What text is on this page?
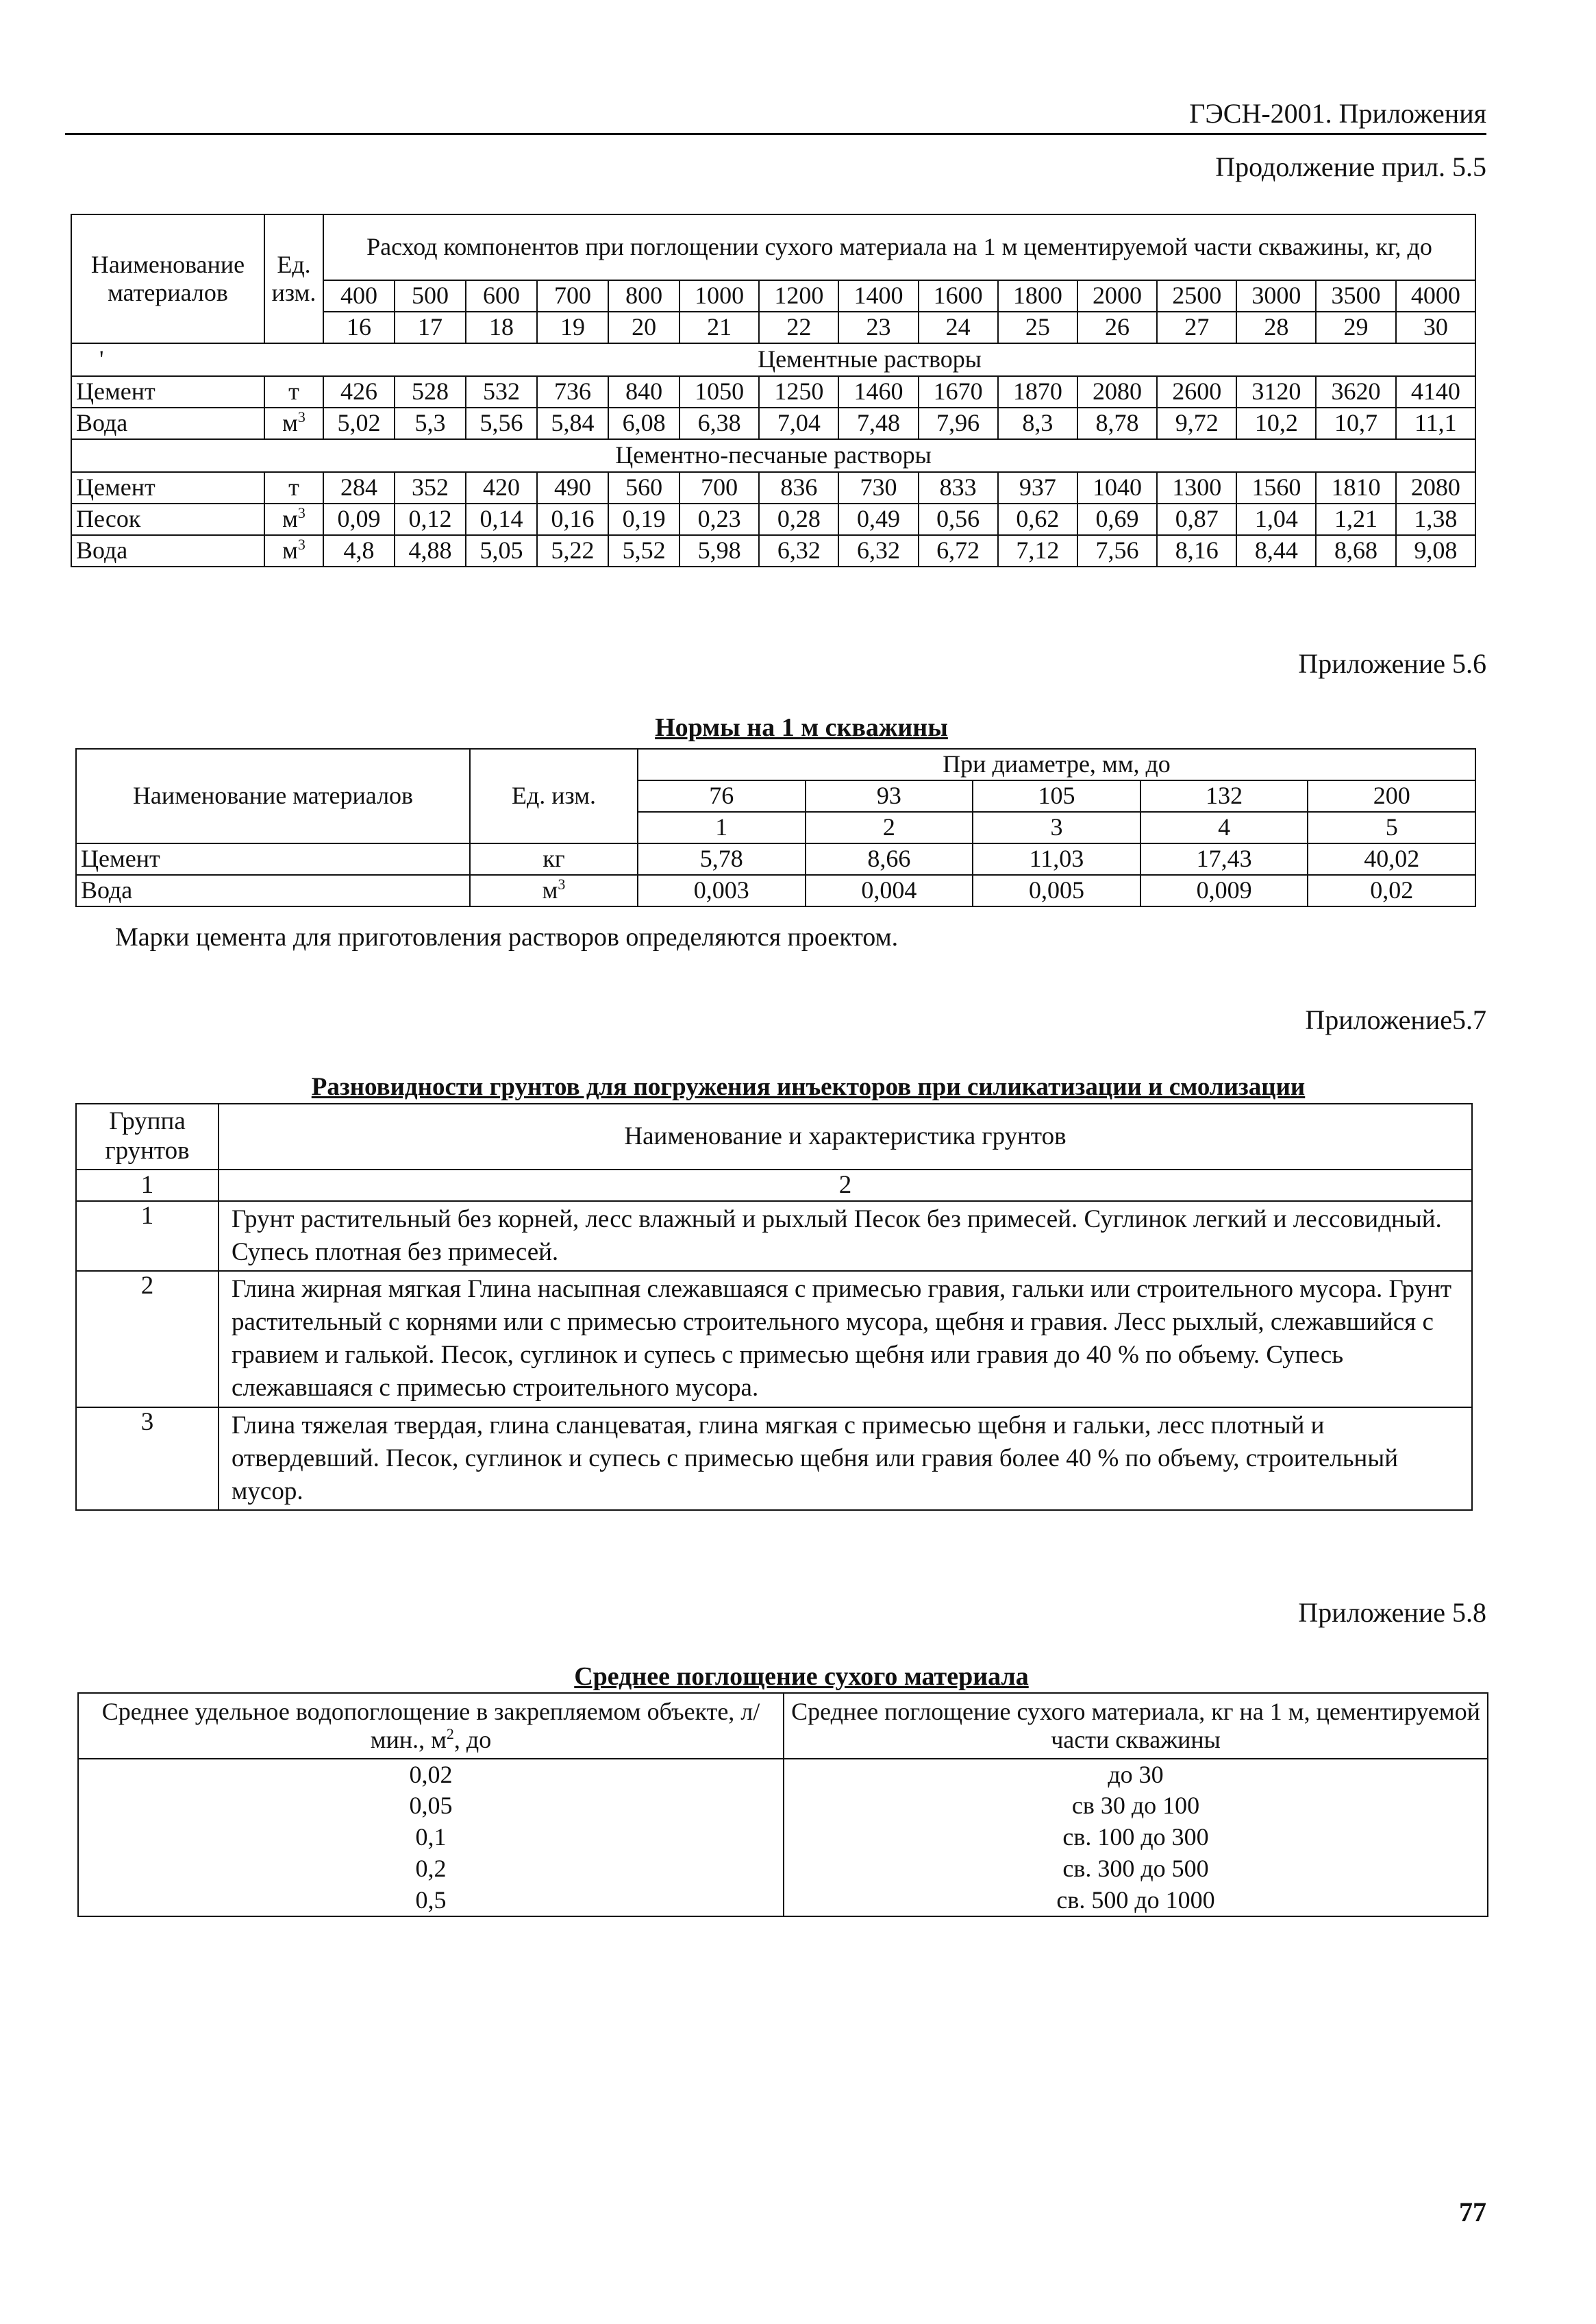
ГЭСН-2001. Приложения
Продолжение прил. 5.5
Наименование материалов	Ед. изм.	Расход компонентов при поглощении сухого материала на 1 м цементируемой части скважины, кг, до														
		400	500	600	700	800	1000	1200	1400	1600	1800	2000	2500	3000	3500	4000
		16	17	18	19	20	21	22	23	24	25	26	27	28	29	30
'	Цементные растворы															
Цемент	т	426	528	532	736	840	1050	1250	1460	1670	1870	2080	2600	3120	3620	4140
Вода	$м^3$	5,02	5,3	5,56	5,84	6,08	6,38	7,04	7,48	7,96	8,3	8,78	9,72	10,2	10,7	11,1
Цементно-песчаные растворы																
Цемент	т	284	352	420	490	560	700	836	730	833	937	1040	1300	1560	1810	2080
Песок	$м^3$	0,09	0,12	0,14	0,16	0,19	0,23	0,28	0,49	0,56	0,62	0,69	0,87	1,04	1,21	1,38
Вода	$м^3$	4,8	4,88	5,05	5,22	5,52	5,98	6,32	6,32	6,72	7,12	7,56	8,16	8,44	8,68	9,08
Приложение 5.6
Нормы на 1 м скважины
Наименование материалов	Ед. изм.	При диаметре, мм, до				
		76	93	105	132	200
		1	2	3	4	5
Цемент	кг	5,78	8,66	11,03	17,43	40,02
Вода	$м^3$	0,003	0,004	0,005	0,009	0,02
Марки цемента для приготовления растворов определяются проектом.
Приложение5.7
Разновидности грунтов для погружения инъекторов при силикатизации и смолизации
Группа грунтов	Наименование и характеристика грунтов
1	2
1	Грунт растительный без корней, лесс влажный и рыхлый Песок без примесей. Суглинок легкий и лессовидный. Супесь плотная без примесей.
2	Глина жирная мягкая Глина насыпная слежавшаяся с примесью гравия, гальки или строительного мусора. Грунт растительный с корнями или с примесью строительного мусора, щебня и гравия. Лесс рыхлый, слежавшийся с гравием и галькой. Песок, суглинок и супесь с примесью щебня или гравия до 40 % по объему. Супесь слежавшаяся с примесью строительного мусора.
3	Глина тяжелая твердая, глина сланцеватая, глина мягкая с примесью щебня и гальки, лесс плотный и отвердевший. Песок, суглинок и супесь с примесью щебня или гравия более 40 % по объему, строительный мусор.
Приложение 5.8
Среднее поглощение сухого материала
Среднее удельное водопоглощение в закрепляемом объекте, л/мин., $м^2$, до	Среднее поглощение сухого материала, кг на 1 м, цементируемой части скважины
0,02	до 30
0,05	св 30 до 100
0,1	св. 100 до 300
0,2	св. 300 до 500
0,5	св. 500 до 1000
77
